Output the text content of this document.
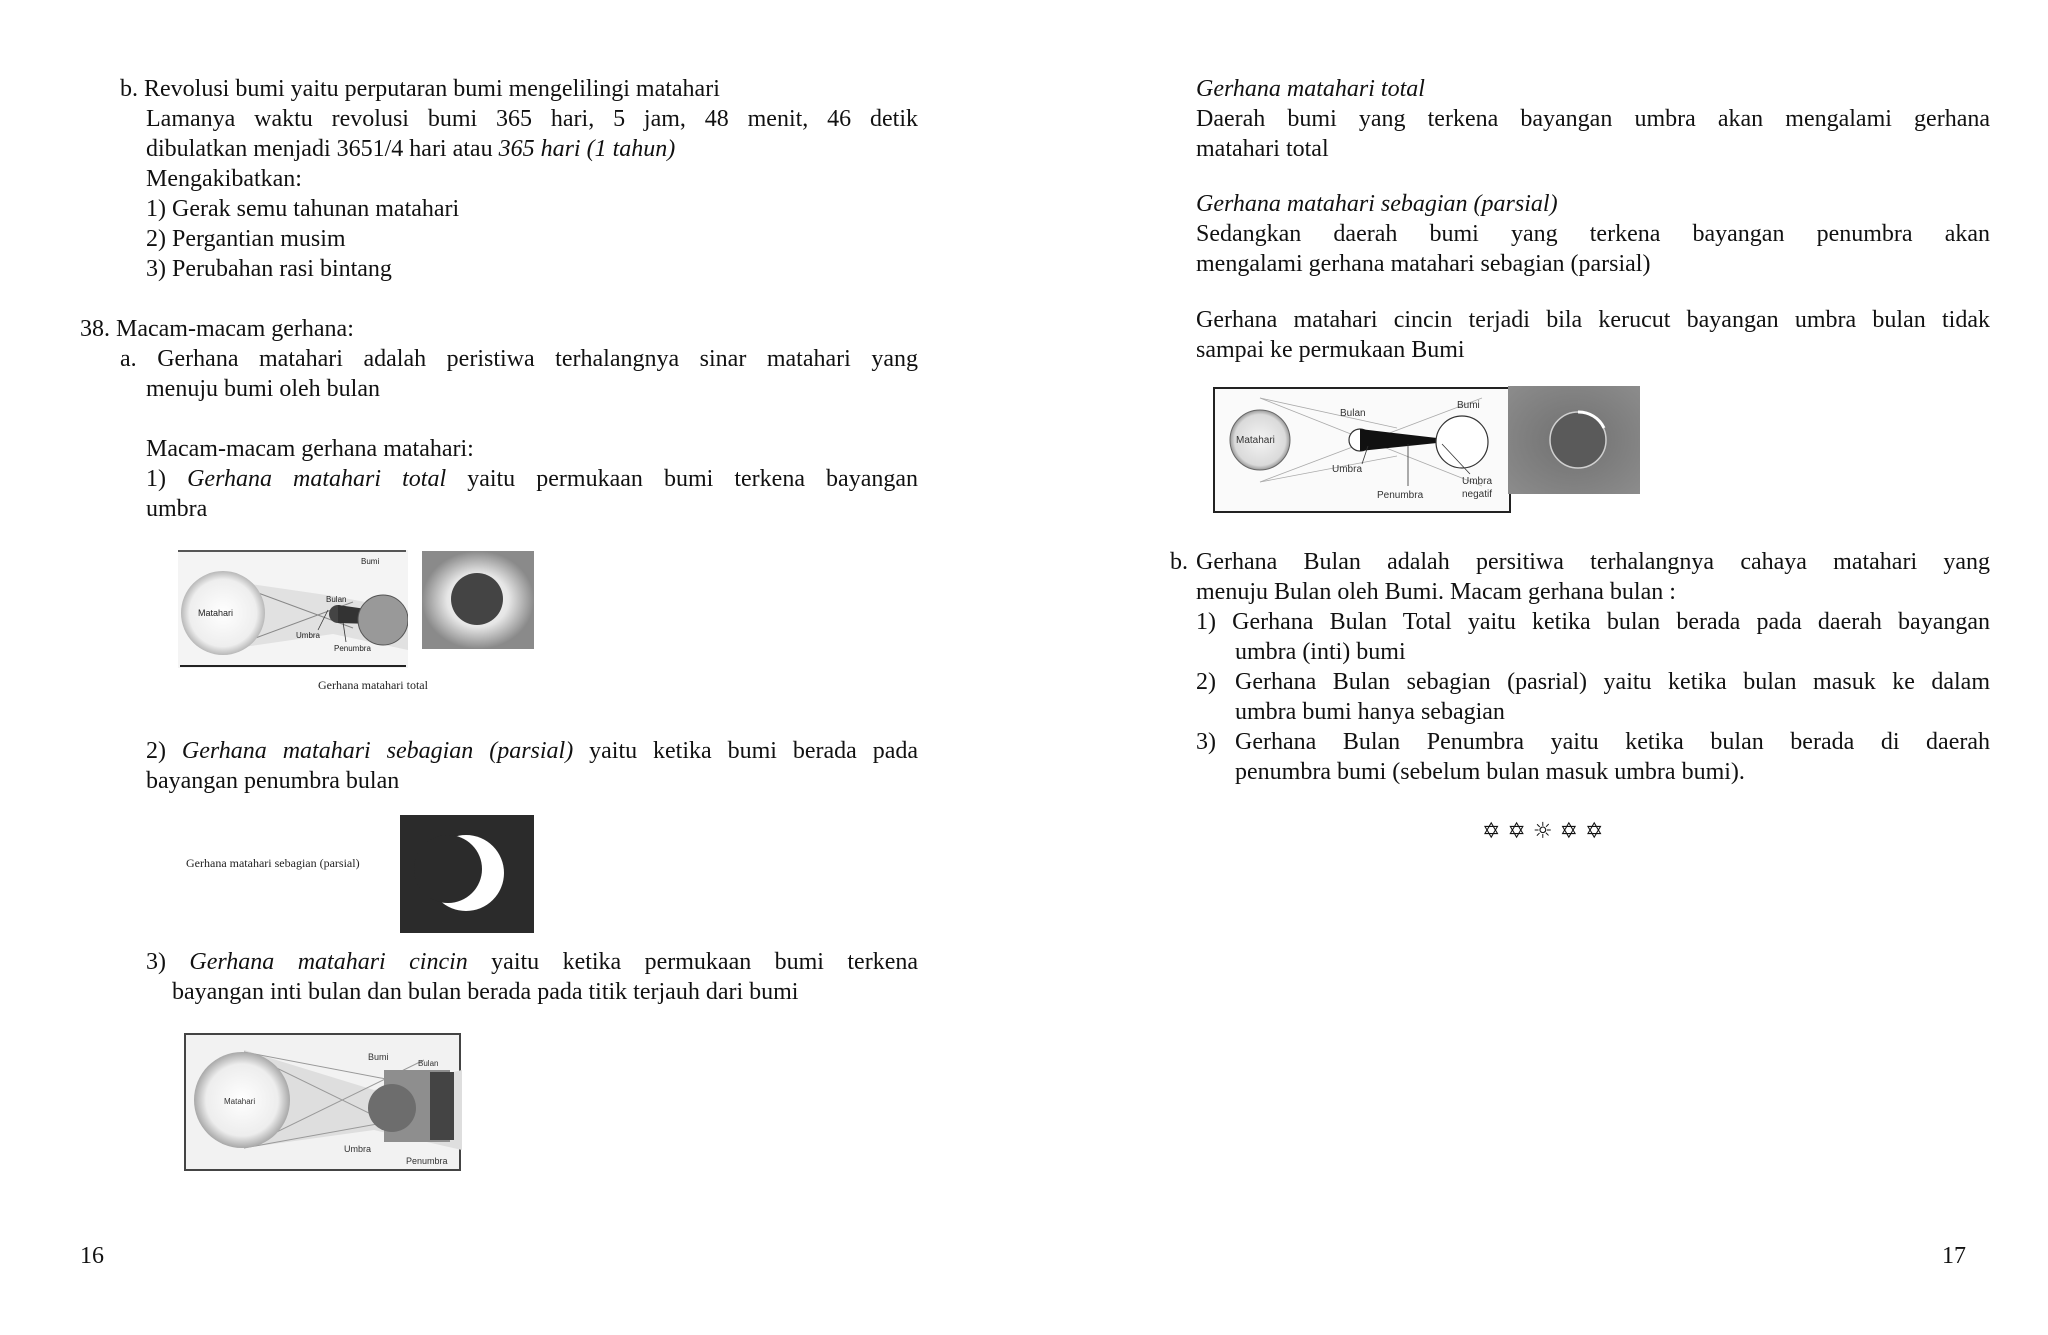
b. Revolusi bumi yaitu perputaran bumi mengelilingi matahari
Lamanya waktu revolusi bumi 365 hari, 5 jam, 48 menit, 46 detik
dibulatkan menjadi 3651/4 hari atau 365 hari (1 tahun)
Mengakibatkan:
1) Gerak semu tahunan matahari
2) Pergantian musim
3) Perubahan rasi bintang
38. Macam-macam gerhana:
a. Gerhana matahari adalah peristiwa terhalangnya sinar matahari yang
menuju bumi oleh bulan
Macam-macam gerhana matahari:
1) Gerhana matahari total yaitu permukaan bumi terkena bayangan
umbra
Matahari
Bulan
Bumi
Umbra
Penumbra
Gerhana matahari total
2) Gerhana matahari sebagian (parsial) yaitu ketika bumi berada pada
bayangan penumbra bulan
Gerhana matahari sebagian (parsial)
3) Gerhana matahari cincin yaitu ketika permukaan bumi terkena
bayangan inti bulan dan bulan berada pada titik terjauh dari bumi
Matahari
Bumi
Bulan
Umbra
Penumbra
16
Gerhana matahari total
Daerah bumi yang terkena bayangan umbra akan mengalami gerhana
matahari total
Gerhana matahari sebagian (parsial)
Sedangkan daerah bumi yang terkena bayangan penumbra akan
mengalami gerhana matahari sebagian (parsial)
Gerhana matahari cincin terjadi bila kerucut bayangan umbra bulan tidak
sampai ke permukaan Bumi
Matahari
Bulan
Bumi
Umbra
Penumbra
Umbra
negatif
b. Gerhana Bulan adalah persitiwa terhalangnya cahaya matahari yang
menuju Bulan oleh Bumi. Macam gerhana bulan :
1) Gerhana Bulan Total yaitu ketika bulan berada pada daerah bayangan
umbra (inti) bumi
2) Gerhana Bulan sebagian (pasrial) yaitu ketika bulan masuk ke dalam
umbra bumi hanya sebagian
3) Gerhana Bulan Penumbra yaitu ketika bulan berada di daerah
penumbra bumi (sebelum bulan masuk umbra bumi).
✡ ✡ ☼ ✡ ✡
17
